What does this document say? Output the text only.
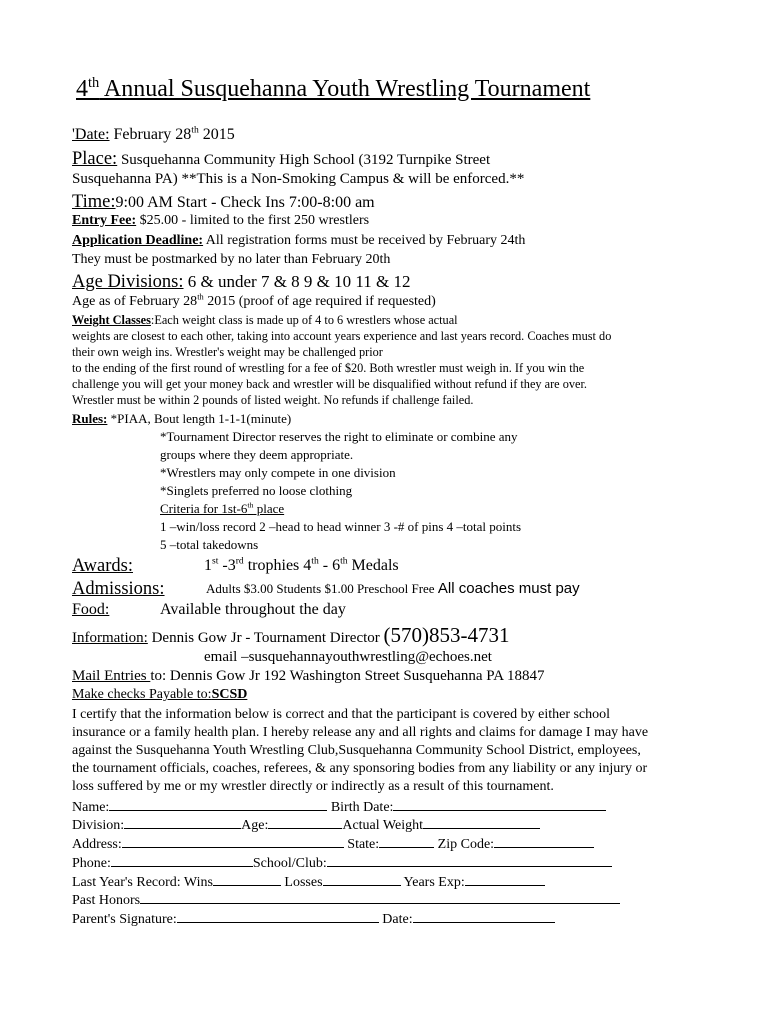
4th Annual Susquehanna Youth Wrestling Tournament
'Date: February 28th 2015
Place: Susquehanna Community High School (3192 Turnpike Street
Susquehanna PA) **This is a Non-Smoking Campus & will be enforced.**
Time:9:00 AM Start - Check Ins 7:00-8:00 am
Entry Fee: $25.00 - limited to the first 250 wrestlers
Application Deadline: All registration forms must be received by February 24th
They must be postmarked by no later than February 20th
Age Divisions: 6 & under 7 & 8 9 & 10 11 & 12
Age as of February 28th 2015 (proof of age required if requested)
Weight Classes:Each weight class is made up of 4 to 6 wrestlers whose actual
weights are closest to each other, taking into account years experience and last years record. Coaches must do
their own weigh ins. Wrestler's weight may be challenged prior
to the ending of the first round of wrestling for a fee of $20. Both wrestler must weigh in. If you win the
challenge you will get your money back and wrestler will be disqualified without refund if they are over.
Wrestler must be within 2 pounds of listed weight. No refunds if challenge failed.
Rules: *PIAA, Bout length 1-1-1(minute)
*Tournament Director reserves the right to eliminate or combine any
groups where they deem appropriate.
*Wrestlers may only compete in one division
*Singlets preferred no loose clothing
Criteria for 1st-6th place
1 –win/loss record 2 –head to head winner 3 -# of pins 4 –total points
5 –total takedowns
Awards:	1st -3rd trophies 4th - 6th Medals
Admissions:	Adults $3.00 Students $1.00 Preschool Free All coaches must pay
Food:	Available throughout the day
Information: Dennis Gow Jr - Tournament Director (570)853-4731
email –susquehannayouthwrestling@echoes.net
Mail Entries to: Dennis Gow Jr 192 Washington Street Susquehanna PA 18847
Make checks Payable to:SCSD
I certify that the information below is correct and that the participant is covered by either school
insurance or a family health plan. I hereby release any and all rights and claims for damage I may have
against the Susquehanna Youth Wrestling Club,Susquehanna Community School District, employees,
the tournament officials, coaches, referees, & any sponsoring bodies from any liability or any injury or
loss suffered by me or my wrestler directly or indirectly as a result of this tournament.
Name:	Birth Date:
Division:	Age:	Actual Weight
Address:	State:	Zip Code:
Phone:	School/Club:
Last Year's Record: Wins	Losses	Years Exp:
Past Honors
Parent's Signature:	Date:
